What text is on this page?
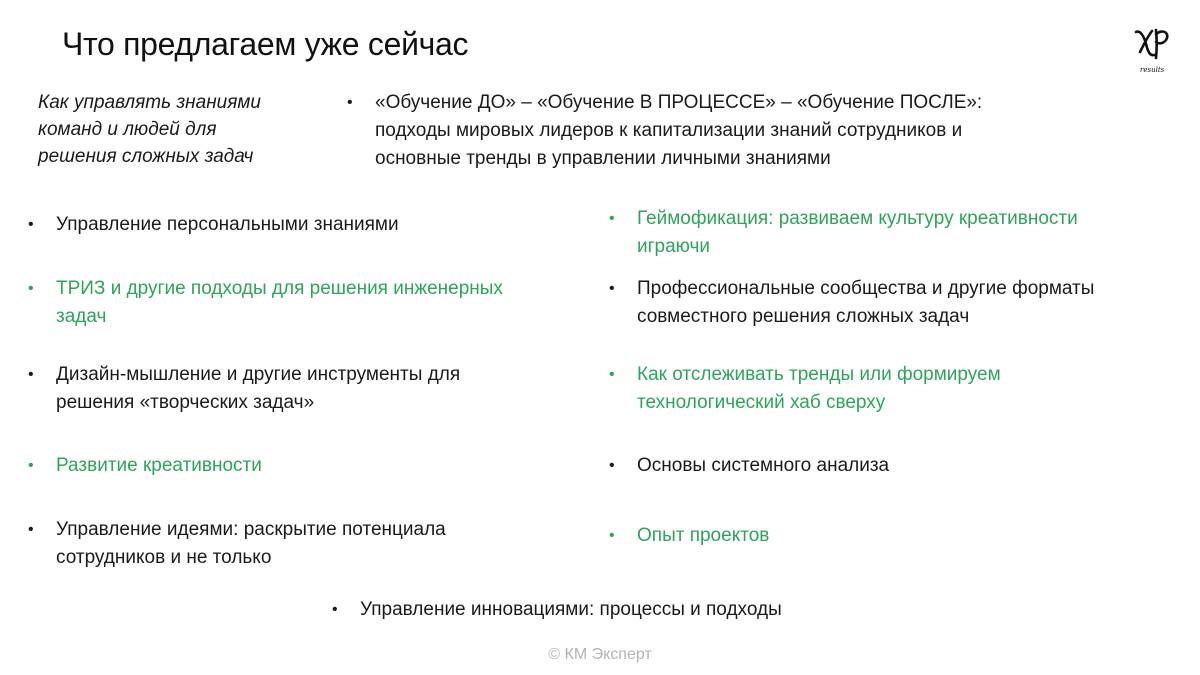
Что предлагаем уже сейчас
results
Как управлять знаниями
команд и людей для
решения сложных задач
•	«Обучение ДО» – «Обучение В ПРОЦЕССЕ» – «Обучение ПОСЛЕ»:
подходы мировых лидеров к капитализации знаний сотрудников и
основные тренды в управлении личными знаниями
•	Управление персональными знаниями
•	ТРИЗ и другие подходы для решения инженерных
задач
•	Дизайн-мышление и другие инструменты для
решения «творческих задач»
•	Развитие креативности
•	Управление идеями: раскрытие потенциала
сотрудников и не только
•	Геймофикация: развиваем культуру креативности
играючи
•	Профессиональные сообщества и другие форматы
совместного решения сложных задач
•	Как отслеживать тренды или формируем
технологический хаб сверху
•	Основы системного анализа
•	Опыт проектов
•	Управление инновациями: процессы и подходы
© КМ Эксперт
